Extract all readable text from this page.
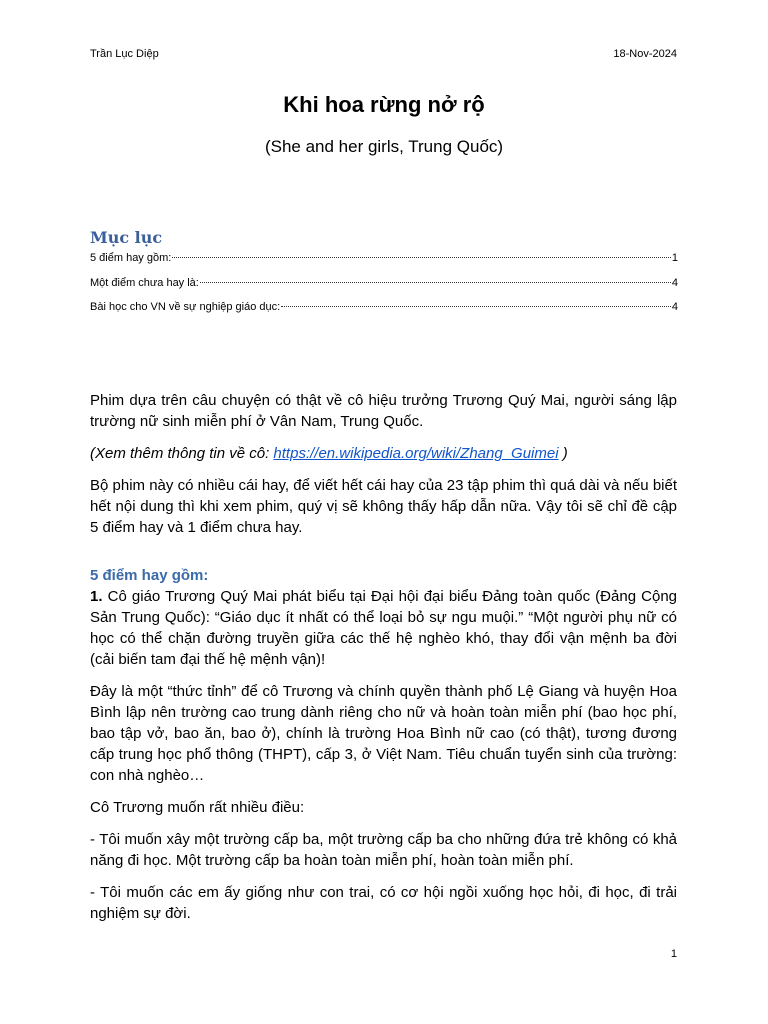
Trần Lục Diệp	18-Nov-2024
Khi hoa rừng nở rộ
(She and her girls, Trung Quốc)
Mục lục
5 điểm hay gồm:	1
Một điểm chưa hay là:	4
Bài học cho VN về sự nghiệp giáo dục:	4

Phim dựa trên câu chuyện có thật về cô hiệu trưởng Trương Quý Mai, người sáng lập trường nữ sinh miễn phí ở Vân Nam, Trung Quốc.

(Xem thêm thông tin về cô: https://en.wikipedia.org/wiki/Zhang_Guimei )

Bộ phim này có nhiều cái hay, để viết hết cái hay của 23 tập phim thì quá dài và nếu biết hết nội dung thì khi xem phim, quý vị sẽ không thấy hấp dẫn nữa. Vậy tôi sẽ chỉ đề cập 5 điểm hay và 1 điểm chưa hay.

5 điểm hay gồm:

1. Cô giáo Trương Quý Mai phát biểu tại Đại hội đại biểu Đảng toàn quốc (Đảng Cộng Sản Trung Quốc): “Giáo dục ít nhất có thể loại bỏ sự ngu muội.” “Một người phụ nữ có học có thể chặn đường truyền giữa các thế hệ nghèo khó, thay đổi vận mệnh ba đời (cải biến tam đại thế hệ mệnh vận)!

Đây là một “thức tỉnh” để cô Trương và chính quyền thành phố Lệ Giang và huyện Hoa Bình lập nên trường cao trung dành riêng cho nữ và hoàn toàn miễn phí (bao học phí, bao tập vở, bao ăn, bao ở), chính là trường Hoa Bình nữ cao (có thật), tương đương cấp trung học phổ thông (THPT), cấp 3, ở Việt Nam. Tiêu chuẩn tuyển sinh của trường: con nhà nghèo…

Cô Trương muốn rất nhiều điều:

- Tôi muốn xây một trường cấp ba, một trường cấp ba cho những đứa trẻ không có khả năng đi học. Một trường cấp ba hoàn toàn miễn phí, hoàn toàn miễn phí.

- Tôi muốn các em ấy giống như con trai, có cơ hội ngồi xuống học hỏi, đi học, đi trải nghiệm sự đời.

1
